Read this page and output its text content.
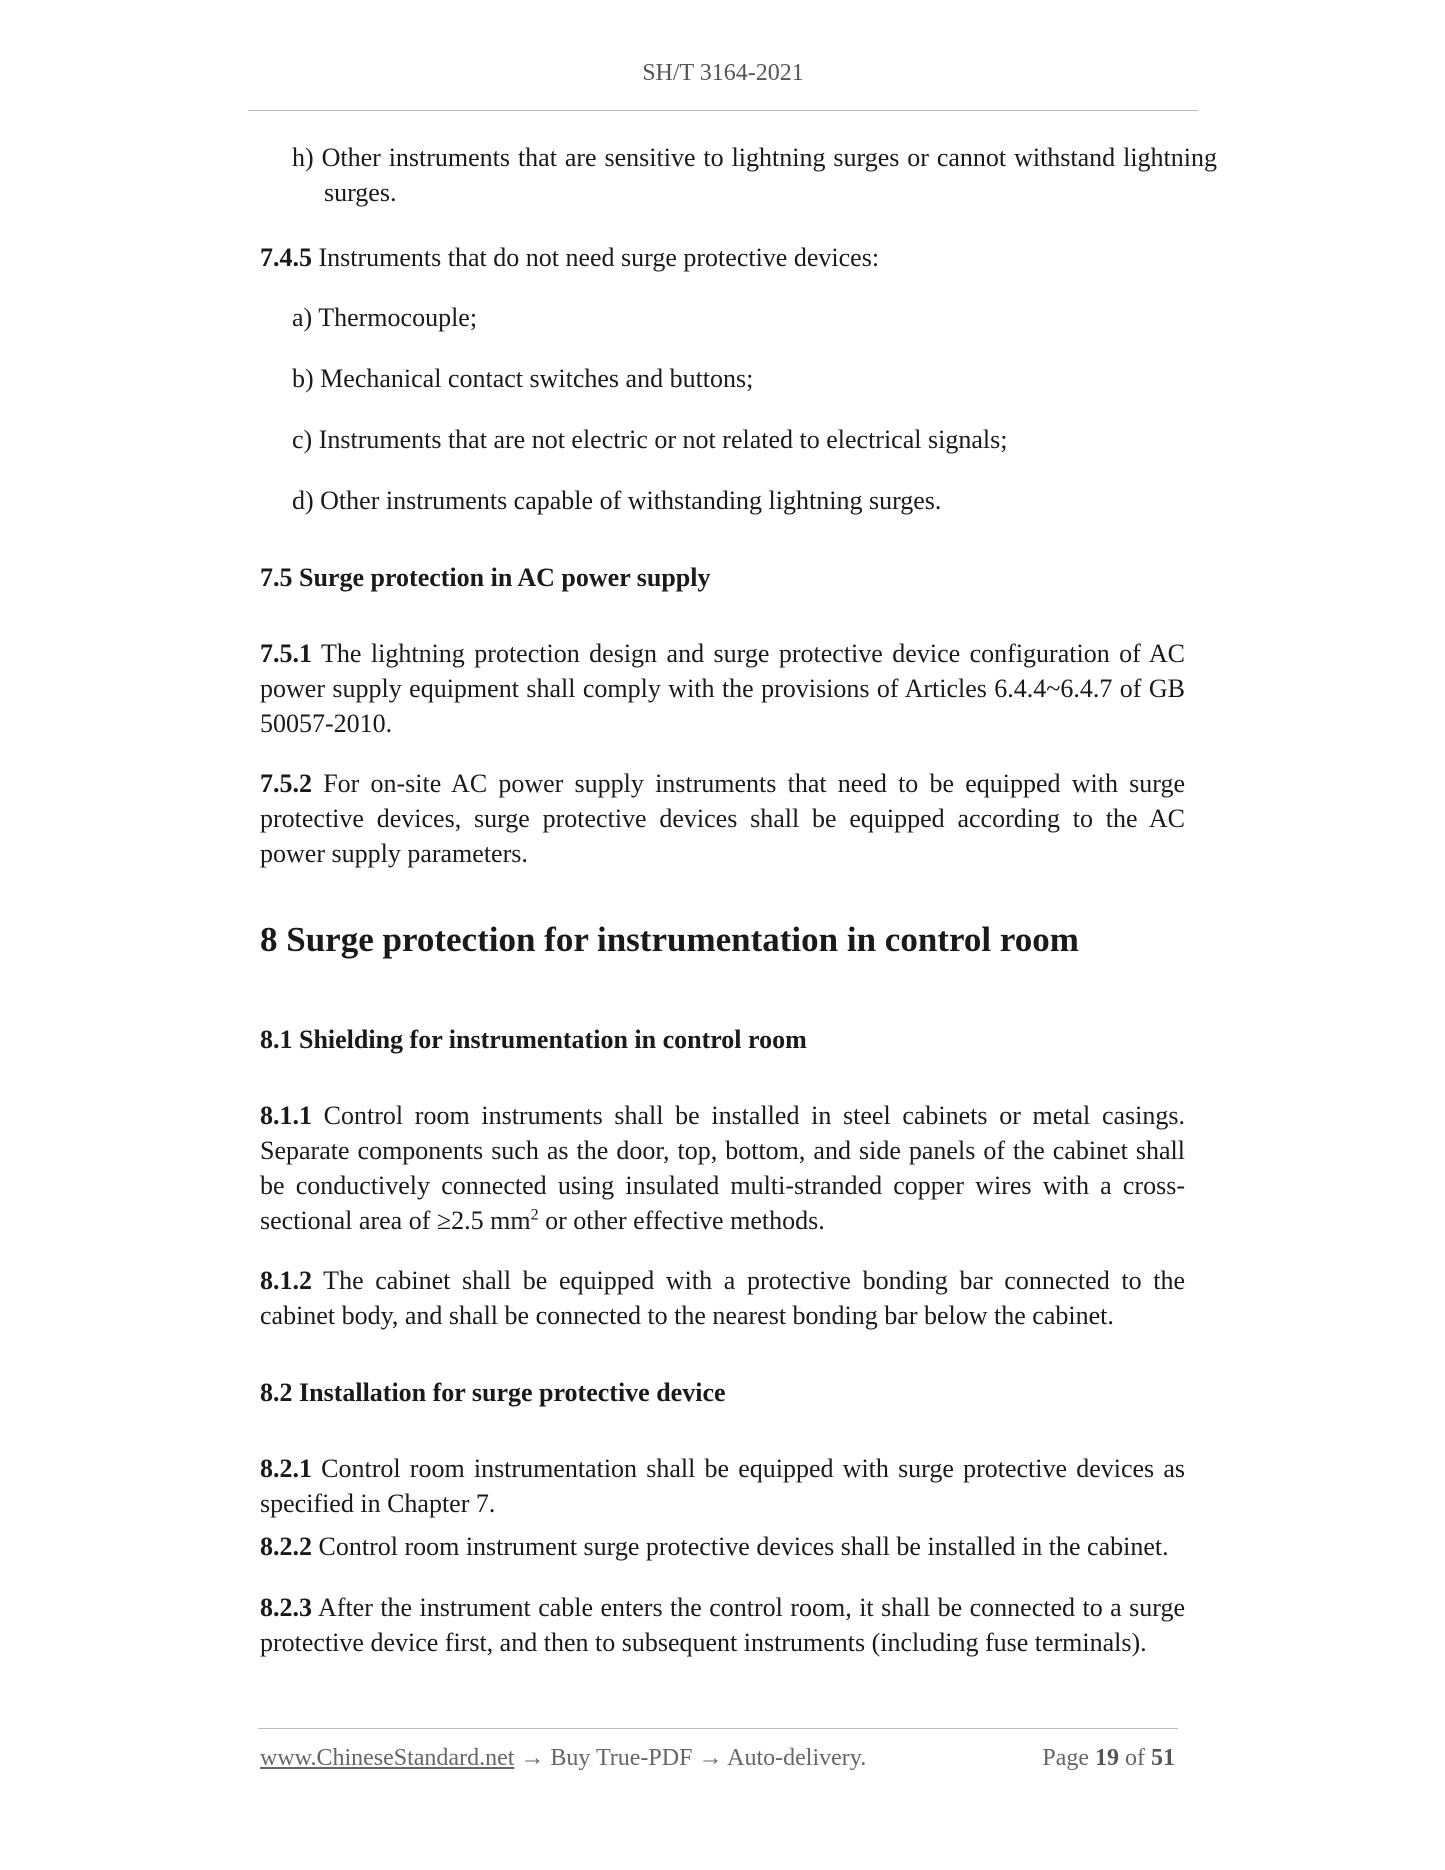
SH/T 3164-2021

h) Other instruments that are sensitive to lightning surges or cannot withstand lightning surges.

7.4.5 Instruments that do not need surge protective devices:

a) Thermocouple;

b) Mechanical contact switches and buttons;

c) Instruments that are not electric or not related to electrical signals;

d) Other instruments capable of withstanding lightning surges.

7.5 Surge protection in AC power supply

7.5.1 The lightning protection design and surge protective device configuration of AC power supply equipment shall comply with the provisions of Articles 6.4.4~6.4.7 of GB 50057-2010.

7.5.2 For on-site AC power supply instruments that need to be equipped with surge protective devices, surge protective devices shall be equipped according to the AC power supply parameters.

8 Surge protection for instrumentation in control room

8.1 Shielding for instrumentation in control room

8.1.1 Control room instruments shall be installed in steel cabinets or metal casings. Separate components such as the door, top, bottom, and side panels of the cabinet shall be conductively connected using insulated multi-stranded copper wires with a cross-sectional area of ≥2.5 $mm^2$ or other effective methods.

8.1.2 The cabinet shall be equipped with a protective bonding bar connected to the cabinet body, and shall be connected to the nearest bonding bar below the cabinet.

8.2 Installation for surge protective device

8.2.1 Control room instrumentation shall be equipped with surge protective devices as specified in Chapter 7.

8.2.2 Control room instrument surge protective devices shall be installed in the cabinet.

8.2.3 After the instrument cable enters the control room, it shall be connected to a surge protective device first, and then to subsequent instruments (including fuse terminals).

www.ChineseStandard.net → Buy True-PDF → Auto-delivery.	Page 19 of 51
